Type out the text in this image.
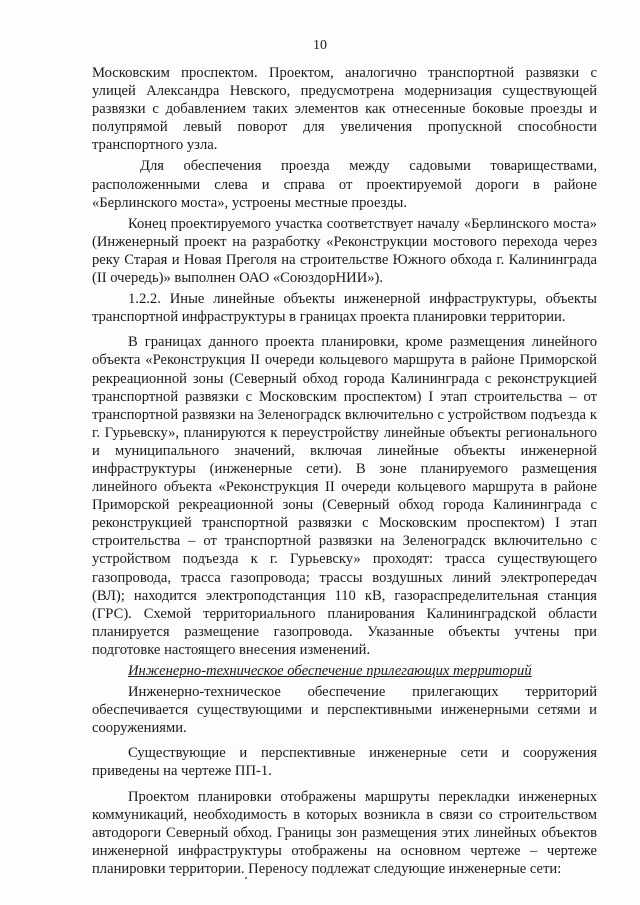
10

Московским проспектом. Проектом, аналогично транспортной развязки с улицей Александра Невского, предусмотрена модернизация существующей развязки с добавлением таких элементов как отнесенные боковые проезды и полупрямой левый поворот для увеличения пропускной способности транспортного узла.

Для обеспечения проезда между садовыми товариществами, расположенными слева и справа от проектируемой дороги в районе «Берлинского моста», устроены местные проезды.

Конец проектируемого участка соответствует началу «Берлинского моста» (Инженерный проект на разработку «Реконструкции мостового перехода через реку Старая и Новая Преголя на строительстве Южного обхода г. Калининграда (II очередь)» выполнен ОАО «СоюздорНИИ»).

1.2.2. Иные линейные объекты инженерной инфраструктуры, объекты транспортной инфраструктуры в границах проекта планировки территории.

В границах данного проекта планировки, кроме размещения линейного объекта «Реконструкция II очереди кольцевого маршрута в районе Приморской рекреационной зоны (Северный обход города Калининграда с реконструкцией транспортной развязки с Московским проспектом) I этап строительства – от транспортной развязки на Зеленоградск включительно с устройством подъезда к г. Гурьевску», планируются к переустройству линейные объекты регионального и муниципального значений, включая линейные объекты инженерной инфраструктуры (инженерные сети). В зоне планируемого размещения линейного объекта «Реконструкция II очереди кольцевого маршрута в районе Приморской рекреационной зоны (Северный обход города Калининграда с реконструкцией транспортной развязки с Московским проспектом) I этап строительства – от транспортной развязки на Зеленоградск включительно с устройством подъезда к г. Гурьевску» проходят: трасса существующего газопровода, трасса газопровода; трассы воздушных линий электропередач (ВЛ); находится электроподстанция 110 кВ, газораспределительная станция (ГРС). Схемой территориального планирования Калининградской области планируется размещение газопровода. Указанные объекты учтены при подготовке настоящего внесения изменений.

Инженерно-техническое обеспечение прилегающих территорий

Инженерно-техническое обеспечение прилегающих территорий обеспечивается существующими и перспективными инженерными сетями и сооружениями.

Существующие и перспективные инженерные сети и сооружения приведены на чертеже ПП-1.

Проектом планировки отображены маршруты перекладки инженерных коммуникаций, необходимость в которых возникла в связи со строительством автодороги Северный обход. Границы зон размещения этих линейных объектов инженерной инфраструктуры отображены на основном чертеже – чертеже планировки территории. Переносу подлежат следующие инженерные сети:
